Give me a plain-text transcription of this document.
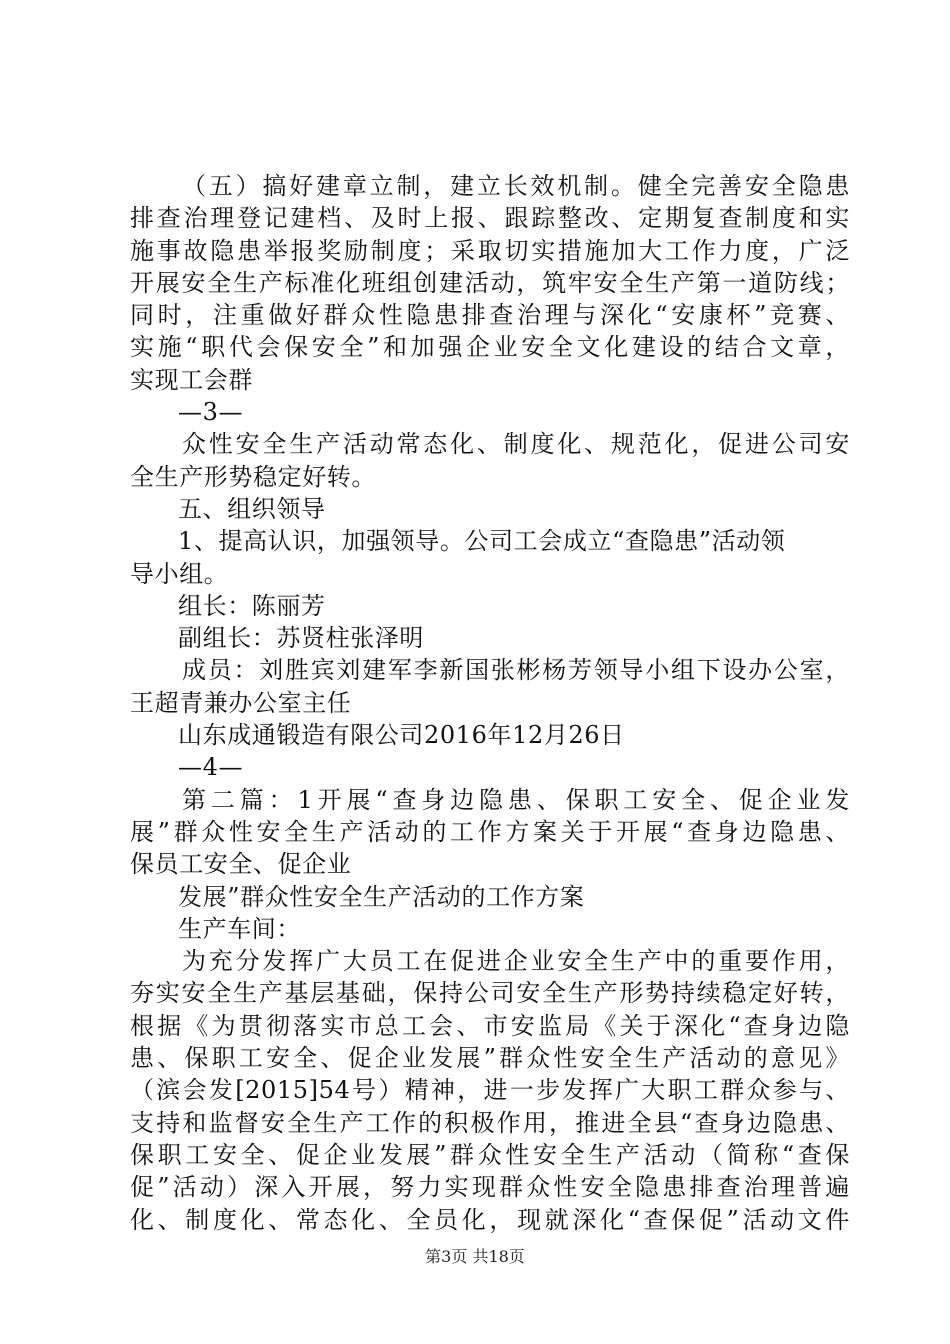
（五）搞好建章立制，建立长效机制。健全完善安全隐患
排查治理登记建档、及时上报、跟踪整改、定期复查制度和实
施事故隐患举报奖励制度；采取切实措施加大工作力度，广泛
开展安全生产标准化班组创建活动，筑牢安全生产第一道防线；
同时，注重做好群众性隐患排查治理与深化“安康杯”竞赛、
实施“职代会保安全”和加强企业安全文化建设的结合文章，
实现工会群
—3—
众性安全生产活动常态化、制度化、规范化，促进公司安
全生产形势稳定好转。
五、组织领导
1、提高认识，加强领导。公司工会成立“查隐患”活动领
导小组。
组长：陈丽芳
副组长：苏贤柱张泽明
成员：刘胜宾刘建军李新国张彬杨芳领导小组下设办公室，
王超青兼办公室主任
山东成通锻造有限公司2016年12月26日
—4—
第二篇：1开展“查身边隐患、保职工安全、促企业发
展”群众性安全生产活动的工作方案关于开展“查身边隐患、
保员工安全、促企业
发展”群众性安全生产活动的工作方案
生产车间：
为充分发挥广大员工在促进企业安全生产中的重要作用，
夯实安全生产基层基础，保持公司安全生产形势持续稳定好转，
根据《为贯彻落实市总工会、市安监局《关于深化“查身边隐
患、保职工安全、促企业发展”群众性安全生产活动的意见》
（滨会发[2015]54号）精神，进一步发挥广大职工群众参与、
支持和监督安全生产工作的积极作用，推进全县“查身边隐患、
保职工安全、促企业发展”群众性安全生产活动（简称“查保
促”活动）深入开展，努力实现群众性安全隐患排查治理普遍
化、制度化、常态化、全员化，现就深化“查保促”活动文件
第3页 共18页
